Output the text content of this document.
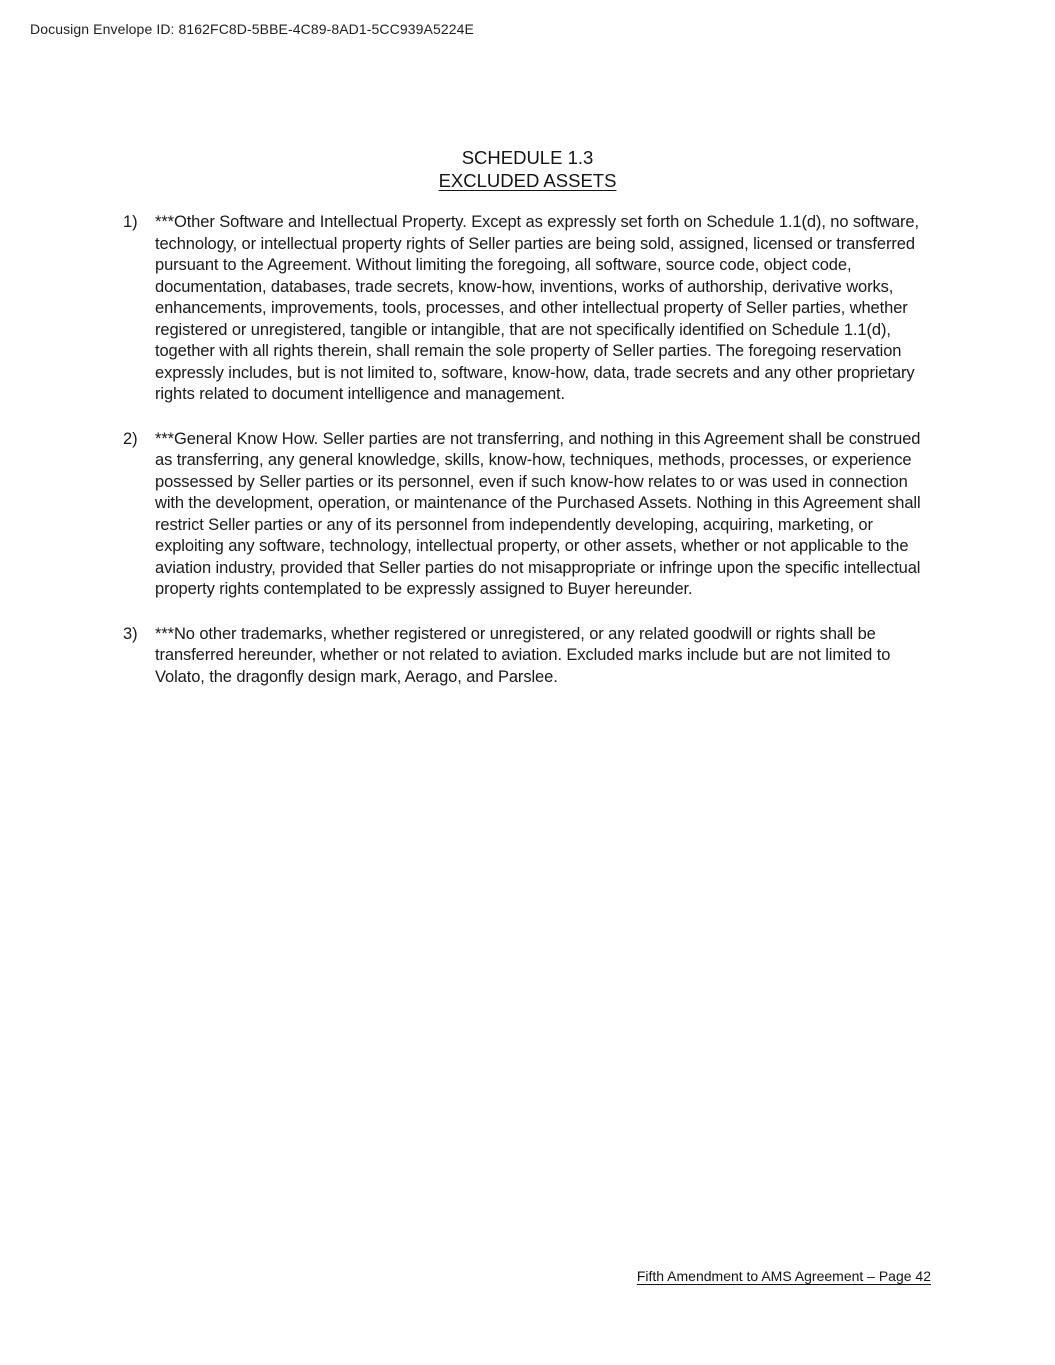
Docusign Envelope ID: 8162FC8D-5BBE-4C89-8AD1-5CC939A5224E
SCHEDULE 1.3
EXCLUDED ASSETS
1)	***Other Software and Intellectual Property. Except as expressly set forth on Schedule 1.1(d), no software, technology, or intellectual property rights of Seller parties are being sold, assigned, licensed or transferred pursuant to the Agreement. Without limiting the foregoing, all software, source code, object code, documentation, databases, trade secrets, know-how, inventions, works of authorship, derivative works, enhancements, improvements, tools, processes, and other intellectual property of Seller parties, whether registered or unregistered, tangible or intangible, that are not specifically identified on Schedule 1.1(d), together with all rights therein, shall remain the sole property of Seller parties. The foregoing reservation expressly includes, but is not limited to, software, know-how, data, trade secrets and any other proprietary rights related to document intelligence and management.
2)	***General Know How. Seller parties are not transferring, and nothing in this Agreement shall be construed as transferring, any general knowledge, skills, know-how, techniques, methods, processes, or experience possessed by Seller parties or its personnel, even if such know-how relates to or was used in connection with the development, operation, or maintenance of the Purchased Assets. Nothing in this Agreement shall restrict Seller parties or any of its personnel from independently developing, acquiring, marketing, or exploiting any software, technology, intellectual property, or other assets, whether or not applicable to the aviation industry, provided that Seller parties do not misappropriate or infringe upon the specific intellectual property rights contemplated to be expressly assigned to Buyer hereunder.
3)	***No other trademarks, whether registered or unregistered, or any related goodwill or rights shall be transferred hereunder, whether or not related to aviation. Excluded marks include but are not limited to Volato, the dragonfly design mark, Aerago, and Parslee.
Fifth Amendment to AMS Agreement – Page 42
